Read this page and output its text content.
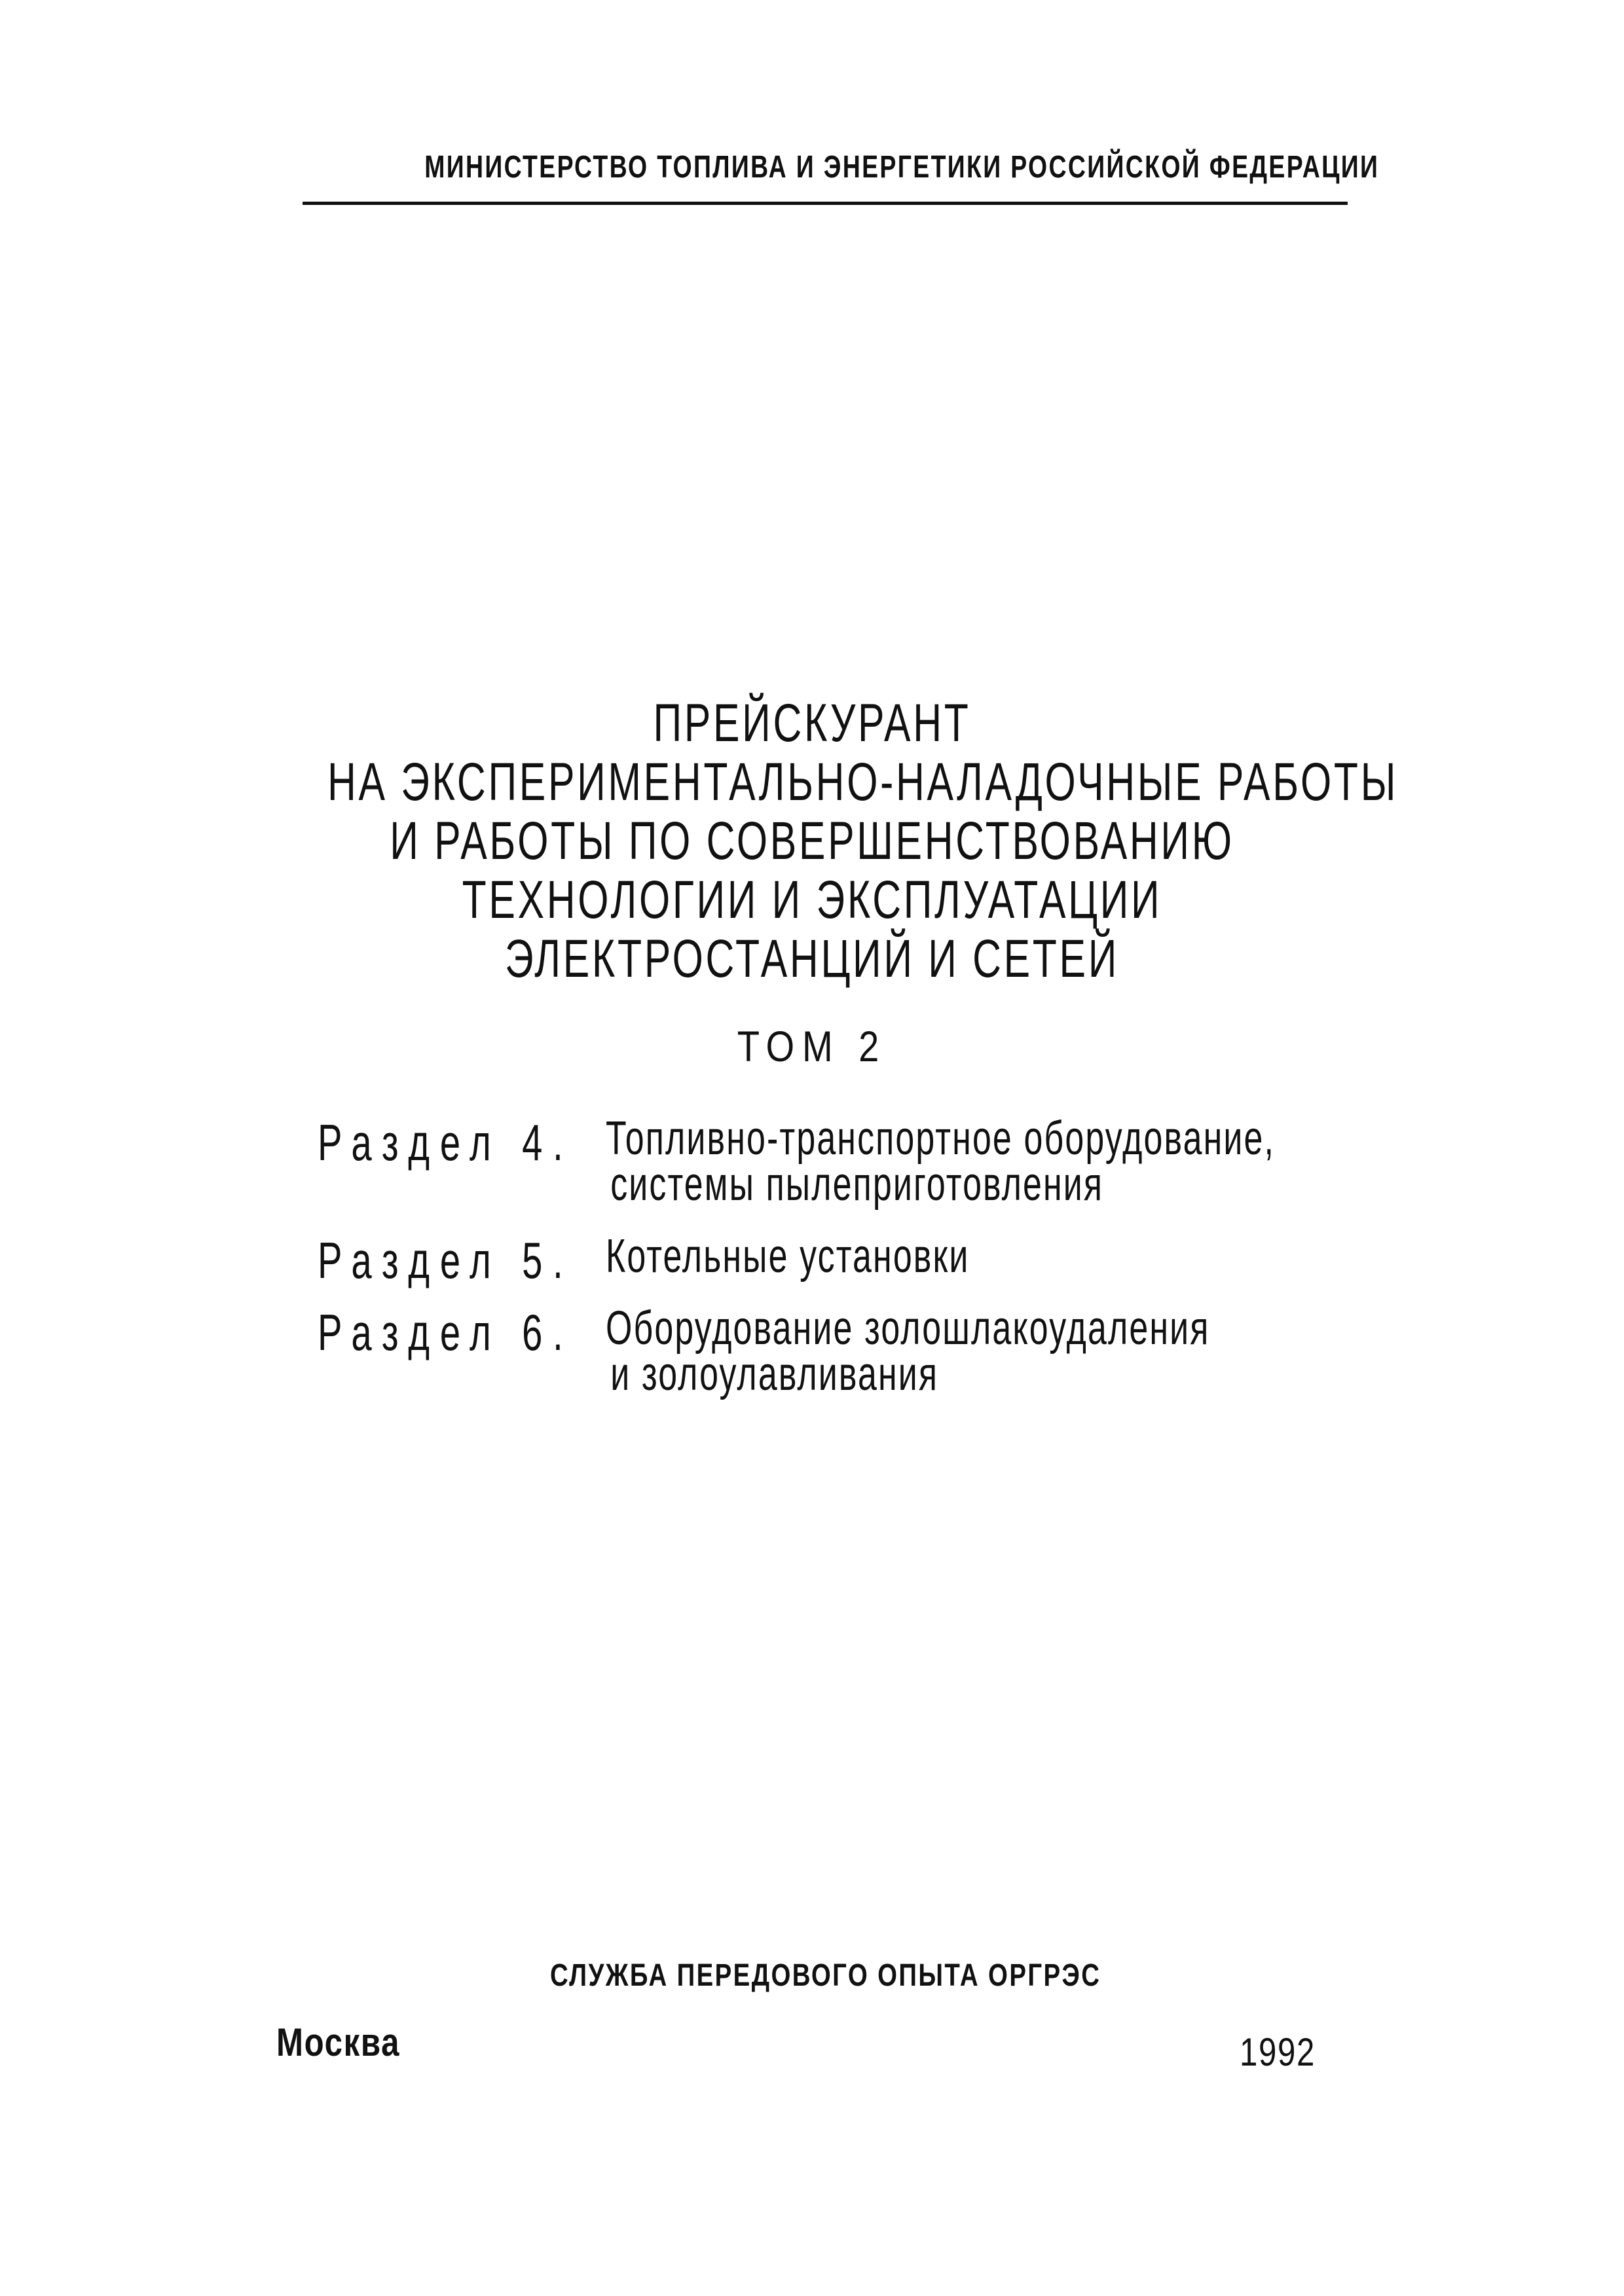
МИНИСТЕРСТВО ТОПЛИВА И ЭНЕРГЕТИКИ РОССИЙСКОЙ ФЕДЕРАЦИИ
ПРЕЙСКУРАНТ
НА ЭКСПЕРИМЕНТАЛЬНО-НАЛАДОЧНЫЕ РАБОТЫ
И РАБОТЫ ПО СОВЕРШЕНСТВОВАНИЮ
ТЕХНОЛОГИИ И ЭКСПЛУАТАЦИИ
ЭЛЕКТРОСТАНЦИЙ И СЕТЕЙ
ТОМ 2
Раздел 4. Топливно-транспортное оборудование,
системы пылеприготовления
Раздел 5. Котельные установки
Раздел 6. Оборудование золошлакоудаления
и золоулавливания
СЛУЖБА ПЕРЕДОВОГО ОПЫТА ОРГРЭС
Москва	1992
